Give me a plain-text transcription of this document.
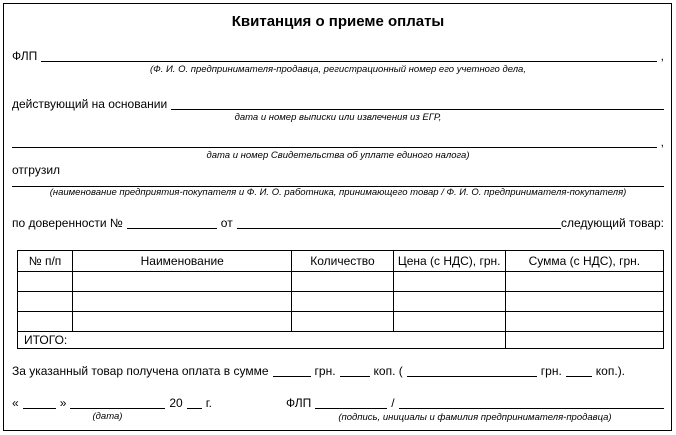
Квитанция о приеме оплаты
ФЛП	,
(Ф. И. О. предпринимателя-продавца, регистрационный номер его учетного дела,
действующий на основании
дата и номер выписки или извлечения из ЕГР,
,
дата и номер Свидетельства об уплате единого налога)
отгрузил
(наименование предприятия-покупателя и Ф. И. О. работника, принимающего товар / Ф. И. О. предпринимателя-покупателя)
по доверенности №	от	следующий товар:
№ п/п	Наименование	Количество	Цена (с НДС), грн.	Сумма (с НДС), грн.

ИТОГО:				
За указанный товар получена оплата в сумме	грн.	коп. (	грн.	коп.).
«	»	20 г.
(дата)
ФЛП	/
(подпись, инициалы и фамилия предпринимателя-продавца)
